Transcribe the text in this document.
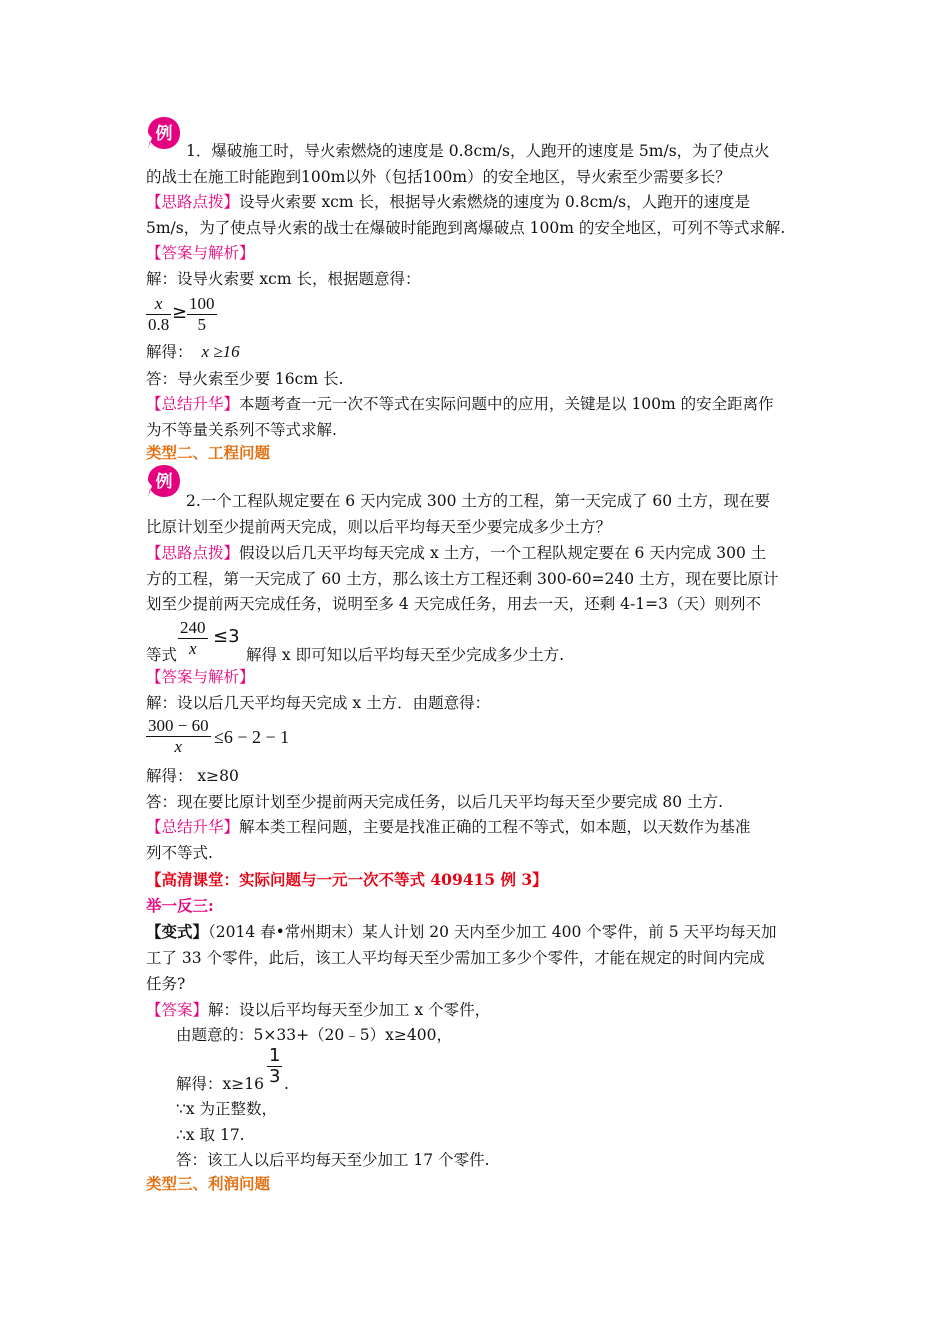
例
1．爆破施工时，导火索燃烧的速度是 0.8cm/s，人跑开的速度是 5m/s，为了使点火
的战士在施工时能跑到100m以外（包括100m）的安全地区，导火索至少需要多长？
【思路点拨】设导火索要 xcm 长，根据导火索燃烧的速度为 0.8cm/s，人跑开的速度是
5m/s，为了使点导火索的战士在爆破时能跑到离爆破点 100m 的安全地区，可列不等式求解.
【答案与解析】
解：设导火索要 xcm 长，根据题意得：
x
0.8
≥ 100
5
解得： x ≥16
答：导火索至少要 16cm 长.
【总结升华】本题考查一元一次不等式在实际问题中的应用，关键是以 100m 的安全距离作
为不等量关系列不等式求解.
类型二、工程问题
例
2.一个工程队规定要在 6 天内完成 300 土方的工程，第一天完成了 60 土方，现在要
比原计划至少提前两天完成，则以后平均每天至少要完成多少土方？
【思路点拨】假设以后几天平均每天完成 x 土方，一个工程队规定要在 6 天内完成 300 土
方的工程，第一天完成了 60 土方，那么该土方工程还剩 300-60=240 土方，现在要比原计
划至少提前两天完成任务，说明至多 4 天完成任务，用去一天，还剩 4-1=3（天）则列不
等式
240
x
≤3
解得 x 即可知以后平均每天至少完成多少土方.
【答案与解析】
解：设以后几天平均每天完成 x 土方．由题意得：
300 − 60
x	≤6 − 2 − 1
解得： x≥80
答：现在要比原计划至少提前两天完成任务，以后几天平均每天至少要完成 80 土方.
【总结升华】解本类工程问题，主要是找准正确的工程不等式，如本题，以天数作为基准
列不等式.
【高清课堂：实际问题与一元一次不等式 409415 例 3】
举一反三:
【变式】（2014 春•常州期末）某人计划 20 天内至少加工 400 个零件，前 5 天平均每天加
工了 33 个零件，此后，该工人平均每天至少需加工多少个零件，才能在规定的时间内完成
任务?
【答案】解：设以后平均每天至少加工 x 个零件，
由题意的：5×33+（20﹣5）x≥400，
解得：x≥16
1
3 .
∵x 为正整数，
∴x 取 17.
答：该工人以后平均每天至少加工 17 个零件.
类型三、利润问题
